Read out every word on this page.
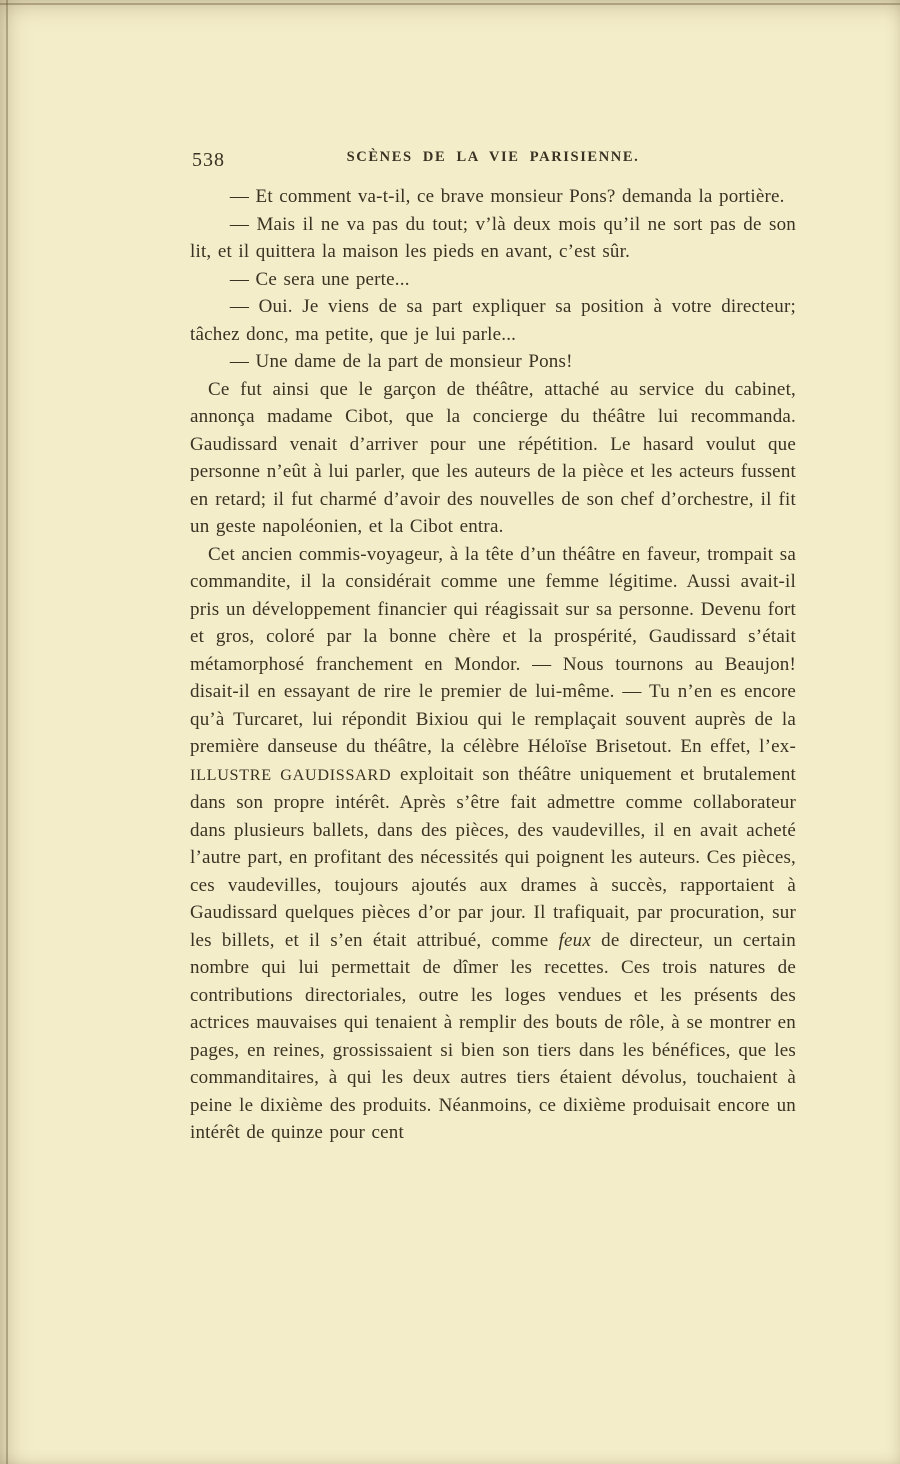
538	SCÈNES DE LA VIE PARISIENNE.

— Et comment va-t-il, ce brave monsieur Pons? demanda la portière.

— Mais il ne va pas du tout; v’là deux mois qu’il ne sort pas de son lit, et il quittera la maison les pieds en avant, c’est sûr.

— Ce sera une perte...

— Oui. Je viens de sa part expliquer sa position à votre directeur; tâchez donc, ma petite, que je lui parle...

— Une dame de la part de monsieur Pons!

Ce fut ainsi que le garçon de théâtre, attaché au service du cabinet, annonça madame Cibot, que la concierge du théâtre lui recommanda. Gaudissard venait d’arriver pour une répétition. Le hasard voulut que personne n’eût à lui parler, que les auteurs de la pièce et les acteurs fussent en retard; il fut charmé d’avoir des nouvelles de son chef d’orchestre, il fit un geste napoléonien, et la Cibot entra.

Cet ancien commis-voyageur, à la tête d’un théâtre en faveur, trompait sa commandite, il la considérait comme une femme légitime. Aussi avait-il pris un développement financier qui réagissait sur sa personne. Devenu fort et gros, coloré par la bonne chère et la prospérité, Gaudissard s’était métamorphosé franchement en Mondor. — Nous tournons au Beaujon! disait-il en essayant de rire le premier de lui-même. — Tu n’en es encore qu’à Turcaret, lui répondit Bixiou qui le remplaçait souvent auprès de la première danseuse du théâtre, la célèbre Héloïse Brisetout. En effet, l’ex-ILLUSTRE GAUDISSARD exploitait son théâtre uniquement et brutalement dans son propre intérêt. Après s’être fait admettre comme collaborateur dans plusieurs ballets, dans des pièces, des vaudevilles, il en avait acheté l’autre part, en profitant des nécessités qui poignent les auteurs. Ces pièces, ces vaudevilles, toujours ajoutés aux drames à succès, rapportaient à Gaudissard quelques pièces d’or par jour. Il trafiquait, par procuration, sur les billets, et il s’en était attribué, comme feux de directeur, un certain nombre qui lui permettait de dîmer les recettes. Ces trois natures de contributions directoriales, outre les loges vendues et les présents des actrices mauvaises qui tenaient à remplir des bouts de rôle, à se montrer en pages, en reines, grossissaient si bien son tiers dans les bénéfices, que les commanditaires, à qui les deux autres tiers étaient dévolus, touchaient à peine le dixième des produits. Néanmoins, ce dixième produisait encore un intérêt de quinze pour cent
